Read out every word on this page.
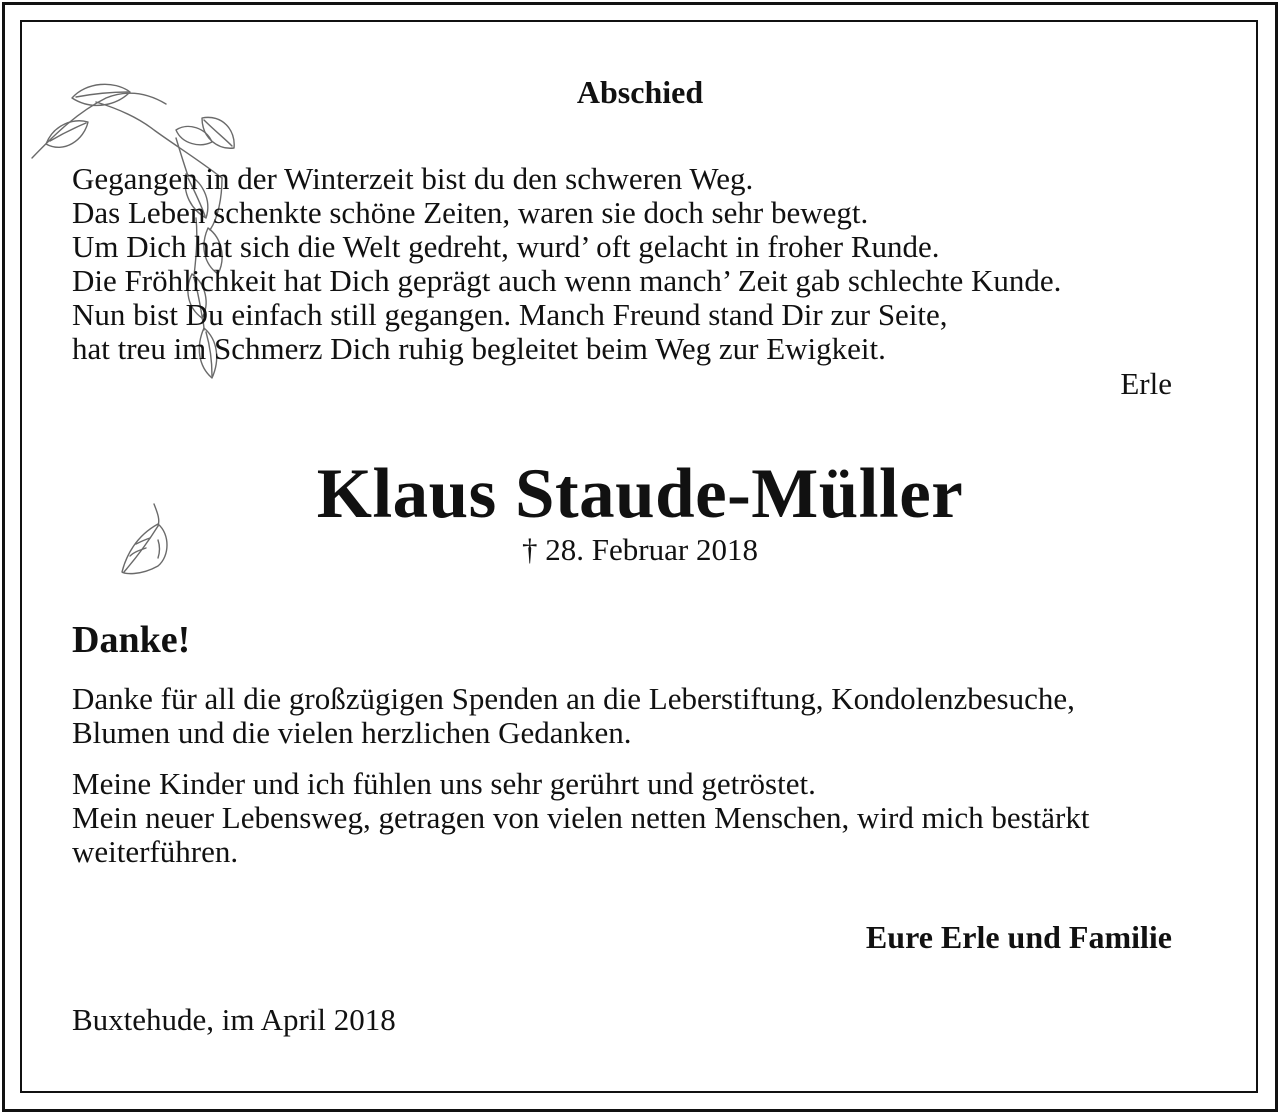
Abschied
Gegangen in der Winterzeit bist du den schweren Weg.
Das Leben schenkte schöne Zeiten, waren sie doch sehr bewegt.
Um Dich hat sich die Welt gedreht, wurd’ oft gelacht in froher Runde.
Die Fröhlichkeit hat Dich geprägt auch wenn manch’ Zeit gab schlechte Kunde.
Nun bist Du einfach still gegangen. Manch Freund stand Dir zur Seite,
hat treu im Schmerz Dich ruhig begleitet beim Weg zur Ewigkeit.
Erle
Klaus Staude-Müller
† 28. Februar 2018
Danke!
Danke für all die großzügigen Spenden an die Leberstiftung, Kondolenzbesuche,
Blumen und die vielen herzlichen Gedanken.
Meine Kinder und ich fühlen uns sehr gerührt und getröstet.
Mein neuer Lebensweg, getragen von vielen netten Menschen, wird mich bestärkt
weiterführen.
Eure Erle und Familie
Buxtehude, im April 2018
